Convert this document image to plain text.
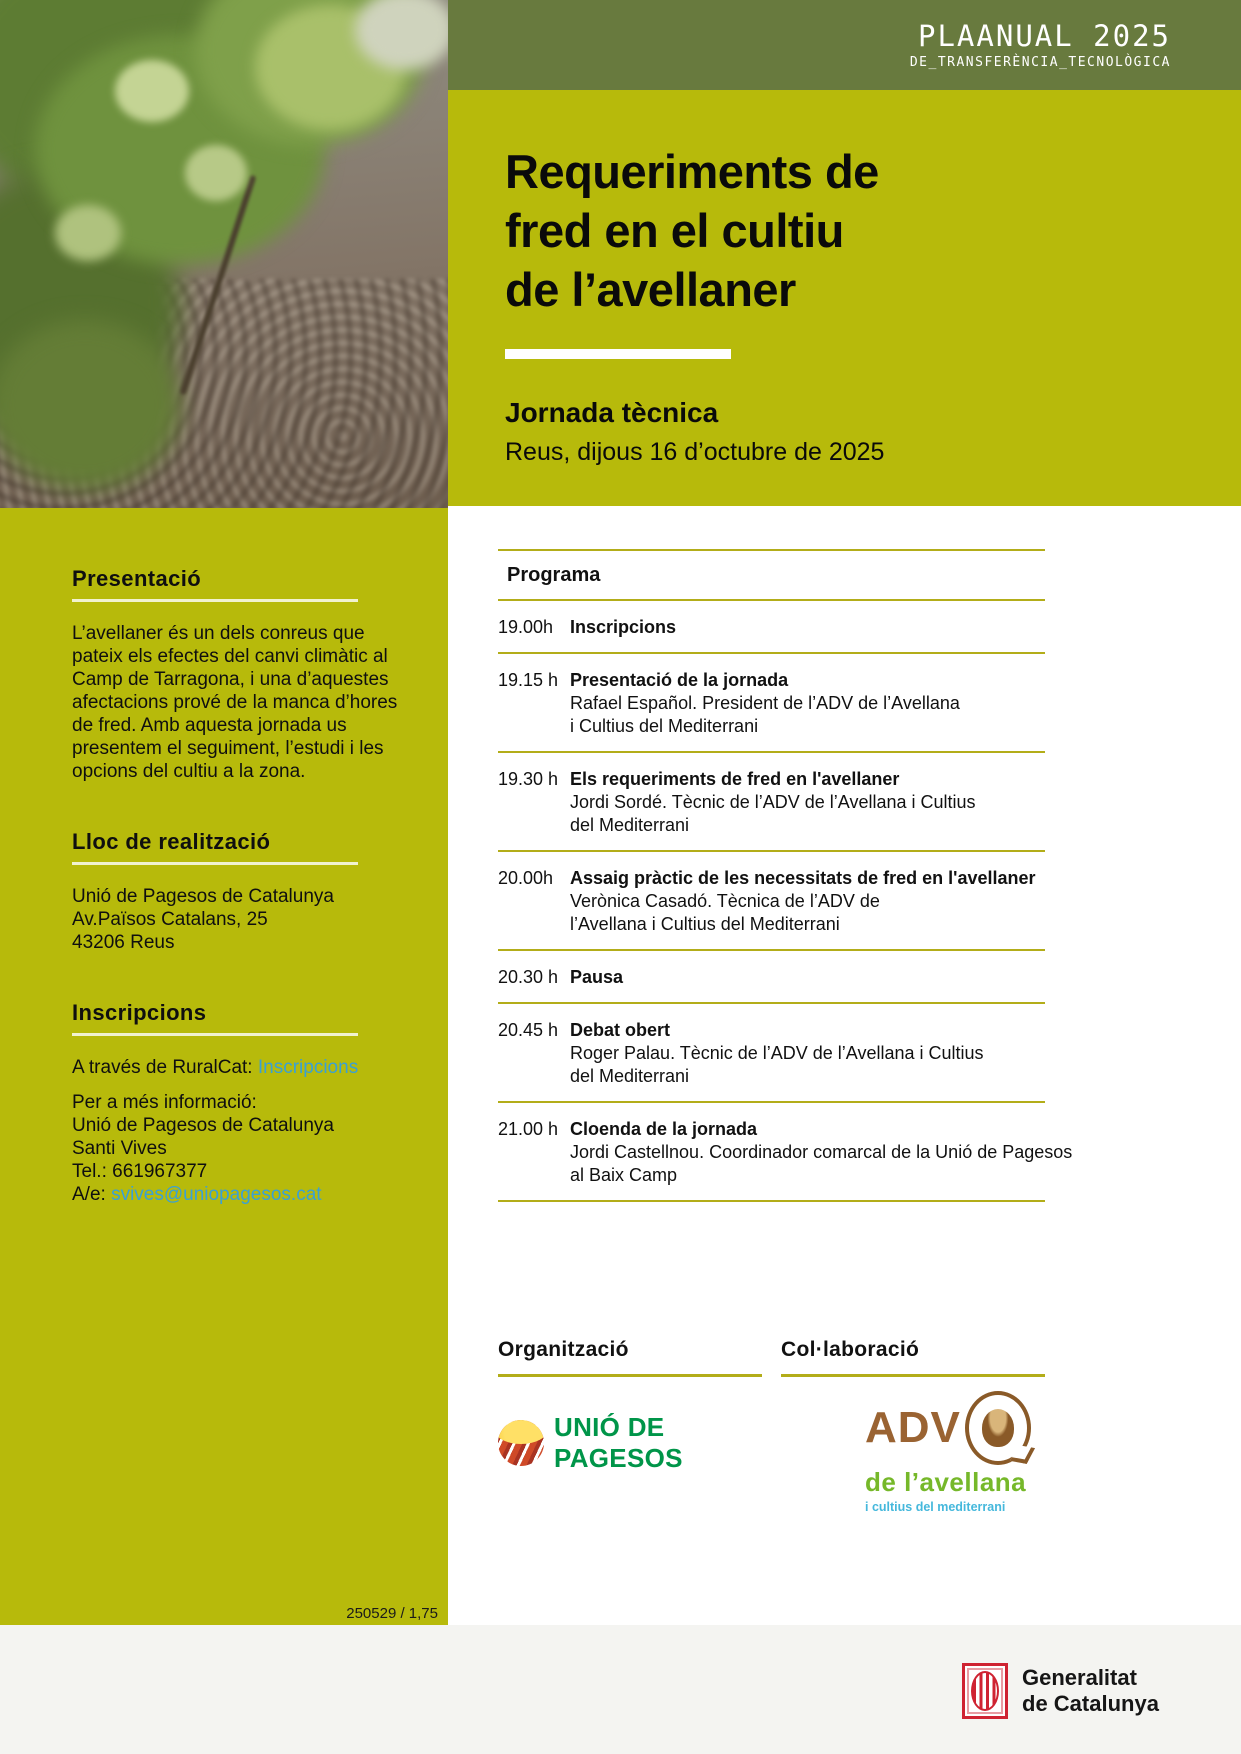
PLAANUAL 2025
DE_TRANSFERÈNCIA_TECNOLÒGICA
Requeriments de
fred en el cultiu
de l’avellaner
Jornada tècnica
Reus, dijous 16 d’octubre de 2025
Presentació
L’avellaner és un dels conreus que
pateix els efectes del canvi climàtic al
Camp de Tarragona, i una d’aquestes
afectacions prové de la manca d’hores
de fred. Amb aquesta jornada us
presentem el seguiment, l’estudi i les
opcions del cultiu a la zona.
Lloc de realització
Unió de Pagesos de Catalunya
Av.Països Catalans, 25
43206 Reus
Inscripcions
A través de RuralCat: Inscripcions
Per a més informació:
Unió de Pagesos de Catalunya
Santi Vives
Tel.: 661967377
A/e: svives@uniopagesos.cat
250529 / 1,75
Programa
19.00h Inscripcions
19.15 h Presentació de la jornada
Rafael Español. President de l’ADV de l’Avellana
i Cultius del Mediterrani
19.30 h Els requeriments de fred en l'avellaner
Jordi Sordé. Tècnic de l’ADV de l’Avellana i Cultius
del Mediterrani
20.00h Assaig pràctic de les necessitats de fred en l'avellaner
Verònica Casadó. Tècnica de l’ADV de
l’Avellana i Cultius del Mediterrani
20.30 h Pausa
20.45 h Debat obert
Roger Palau. Tècnic de l’ADV de l’Avellana i Cultius
del Mediterrani
21.00 h Cloenda de la jornada
Jordi Castellnou. Coordinador comarcal de la Unió de Pagesos
al Baix Camp
Organització
UNIÓ DE PAGESOS
Col·laboració
ADV
de l’avellana
i cultius del mediterrani
Generalitat
de Catalunya
